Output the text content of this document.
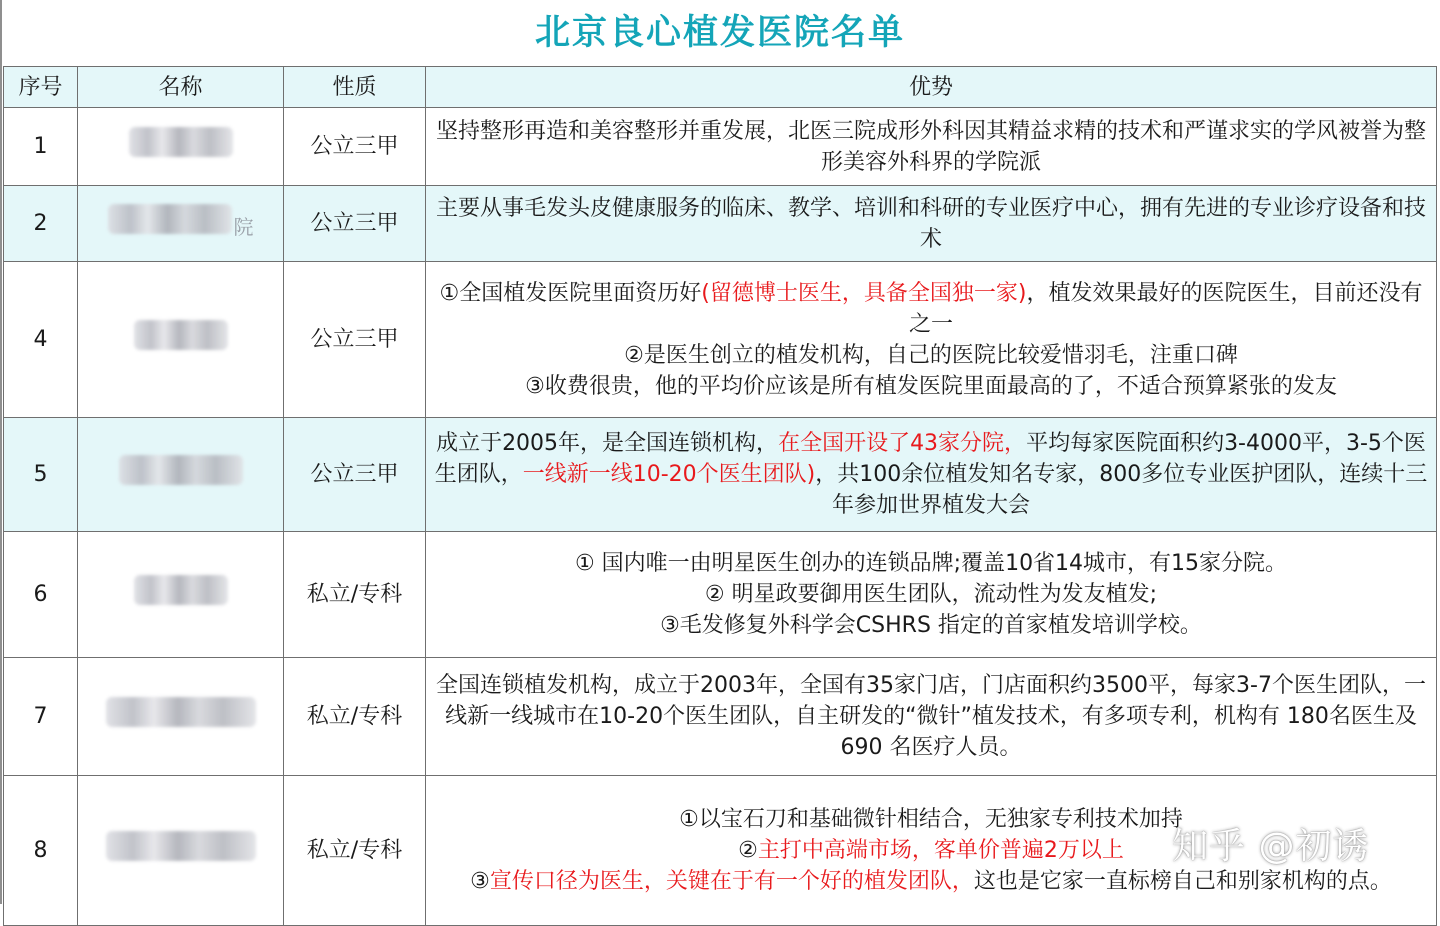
北京良心植发医院名单
序号	名称	性质	优势
1		公立三甲	坚持整形再造和美容整形并重发展，北医三院成形外科因其精益求精的技术和严谨求实的学风被誉为整形美容外科界的学院派

2	院	公立三甲	主要从事毛发头皮健康服务的临床、教学、培训和科研的专业医疗中心，拥有先进的专业诊疗设备和技术

4		公立三甲	①全国植发医院里面资历好(留德博士医生，具备全国独一家)，植发效果最好的医院医生，目前还没有之一

②是医生创立的植发机构，自己的医院比较爱惜羽毛，注重口碑

③收费很贵，他的平均价应该是所有植发医院里面最高的了，不适合预算紧张的发友

5		公立三甲	成立于2005年，是全国连锁机构，在全国开设了43家分院，平均每家医院面积约3-4000平，3-5个医生团队，一线新一线10-20个医生团队)，共100余位植发知名专家，800多位专业医护团队，连续十三年参加世界植发大会

6		私立/专科	① 国内唯一由明星医生创办的连锁品牌;覆盖10省14城市，有15家分院。

② 明星政要御用医生团队，流动性为发友植发;

③毛发修复外科学会CSHRS 指定的首家植发培训学校。

7		私立/专科	全国连锁植发机构，成立于2003年，全国有35家门店，门店面积约3500平，每家3-7个医生团队，一线新一线城市在10-20个医生团队，自主研发的“微针”植发技术，有多项专利，机构有 180名医生及 690 名医疗人员。

8		私立/专科	①以宝石刀和基础微针相结合，无独家专利技术加持

②主打中高端市场，客单价普遍2万以上

③宣传口径为医生，关键在于有一个好的植发团队，这也是它家一直标榜自己和别家机构的点。

知乎 @初诱
